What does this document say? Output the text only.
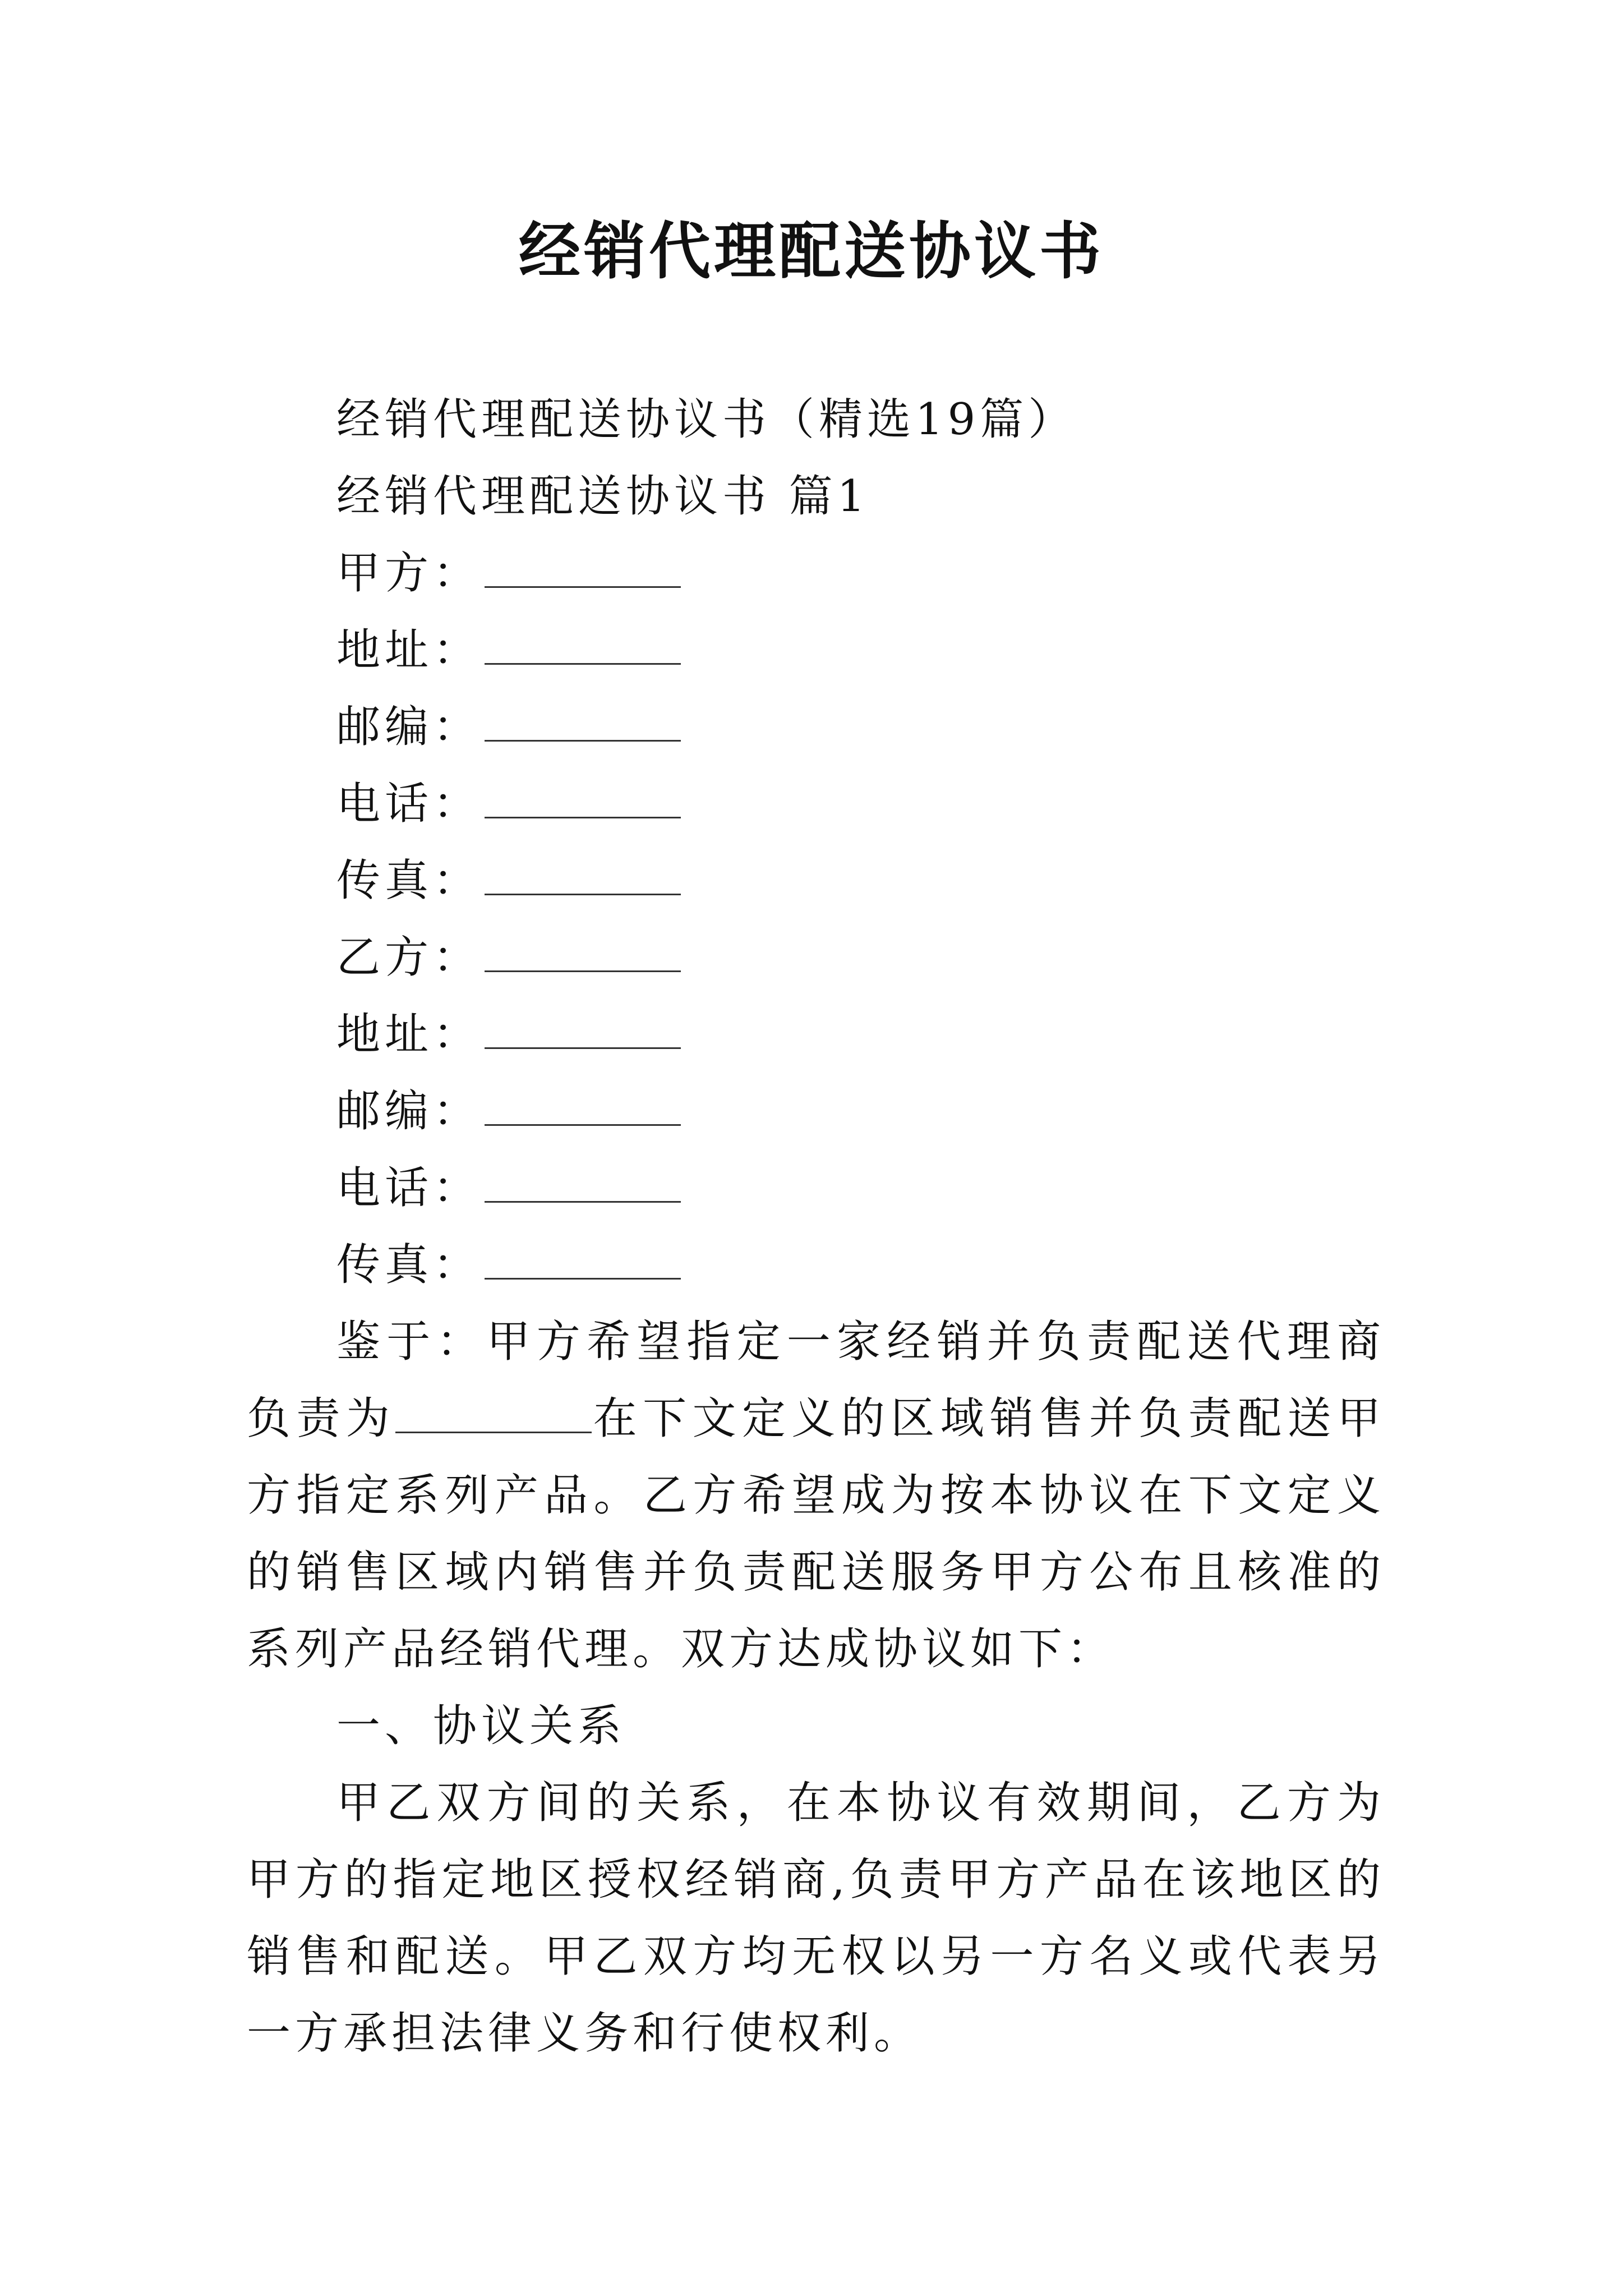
经销代理配送协议书
经销代理配送协议书（精选19篇）
经销代理配送协议书 篇1
甲方：
地址：
邮编：
电话：
传真：
乙方：
地址：
邮编：
电话：
传真：

鉴于：甲方希望指定一家经销并负责配送代理商负责为	在下文定义的区域销售并负责配送甲方指定系列产品。乙方希望成为按本协议在下文定义的销售区域内销售并负责配送服务甲方公布且核准的系列产品经销代理。双方达成协议如下：

一、协议关系

甲乙双方间的关系，在本协议有效期间，乙方为甲方的指定地区授权经销商,负责甲方产品在该地区的销售和配送。甲乙双方均无权以另一方名义或代表另一方承担法律义务和行使权利。
